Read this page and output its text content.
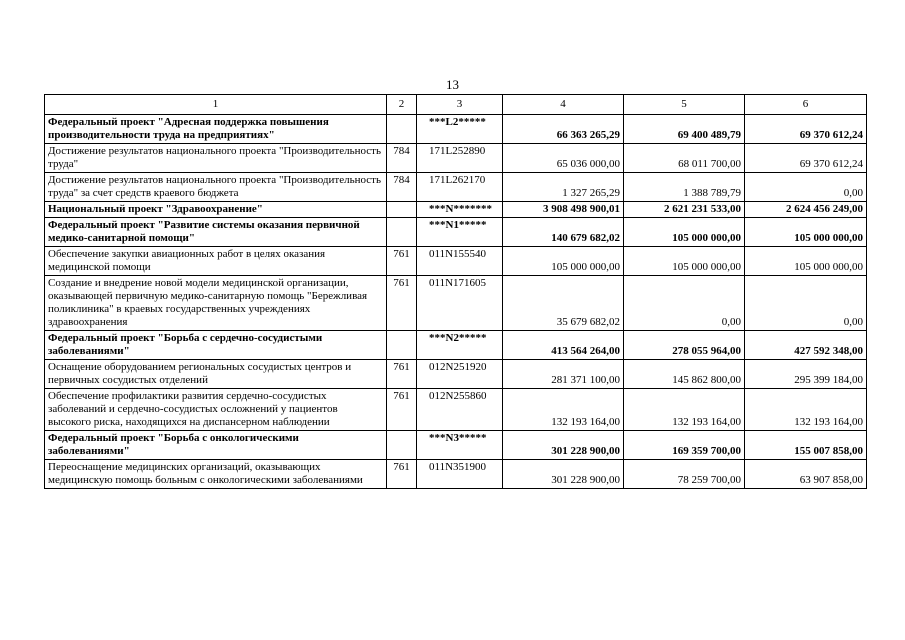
13
1	2	3	4	5	6
Федеральный проект "Адресная поддержка повышения производительности труда на предприятиях"		***L2*****	66 363 265,29	69 400 489,79	69 370 612,24
Достижение результатов национального проекта "Производительность труда"	784	171L252890	65 036 000,00	68 011 700,00	69 370 612,24
Достижение результатов национального проекта "Производительность труда" за счет средств краевого бюджета	784	171L262170	1 327 265,29	1 388 789,79	0,00
Национальный проект "Здравоохранение"		***N*******	3 908 498 900,01	2 621 231 533,00	2 624 456 249,00
Федеральный проект "Развитие системы оказания первичной медико-санитарной помощи"		***N1*****	140 679 682,02	105 000 000,00	105 000 000,00
Обеспечение закупки авиационных работ в целях оказания медицинской помощи	761	011N155540	105 000 000,00	105 000 000,00	105 000 000,00
Создание и внедрение новой модели медицинской организации, оказывающей первичную медико-санитарную помощь "Бережливая поликлиника" в краевых государственных учреждениях здравоохранения	761	011N171605	35 679 682,02	0,00	0,00
Федеральный проект "Борьба с сердечно-сосудистыми заболеваниями"		***N2*****	413 564 264,00	278 055 964,00	427 592 348,00
Оснащение оборудованием региональных сосудистых центров и первичных сосудистых отделений	761	012N251920	281 371 100,00	145 862 800,00	295 399 184,00
Обеспечение профилактики развития сердечно-сосудистых заболеваний и сердечно-сосудистых осложнений у пациентов высокого риска, находящихся на диспансерном наблюдении	761	012N255860	132 193 164,00	132 193 164,00	132 193 164,00
Федеральный проект "Борьба с онкологическими заболеваниями"		***N3*****	301 228 900,00	169 359 700,00	155 007 858,00
Переоснащение медицинских организаций, оказывающих медицинскую помощь больным с онкологическими заболеваниями	761	011N351900	301 228 900,00	78 259 700,00	63 907 858,00
